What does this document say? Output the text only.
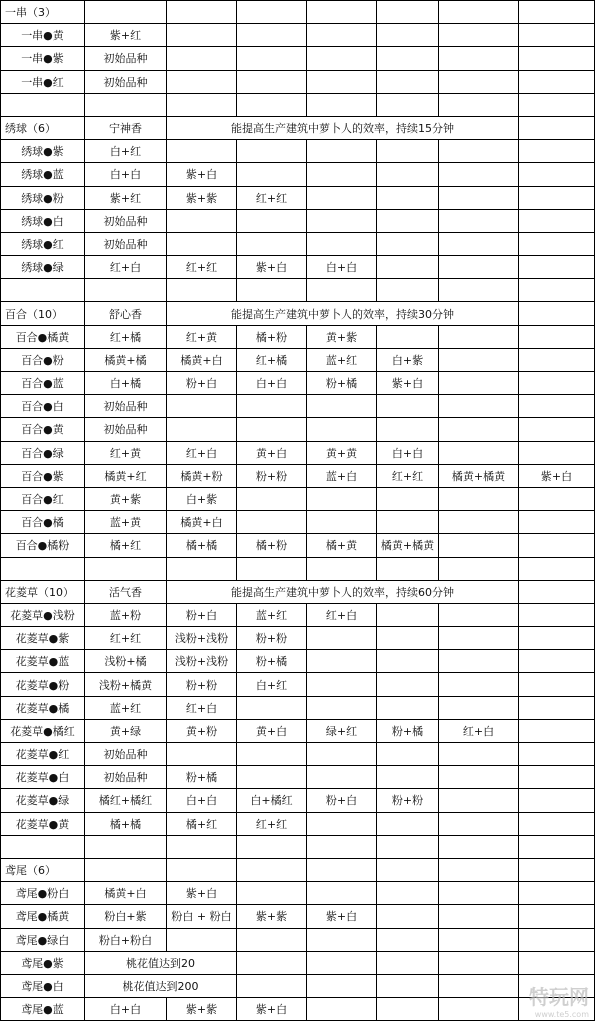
一串（3）							
一串●黄	紫+红						
一串●紫	初始品种						
一串●红	初始品种						

绣球（6）	宁神香	能提高生产建筑中萝卜人的效率，持续15分钟					
绣球●紫	白+红						
绣球●蓝	白+白	紫+白					
绣球●粉	紫+红	紫+紫	红+红				
绣球●白	初始品种						
绣球●红	初始品种						
绣球●绿	红+白	红+红	紫+白	白+白			

百合（10）	舒心香	能提高生产建筑中萝卜人的效率，持续30分钟					
百合●橘黄	红+橘	红+黄	橘+粉	黄+紫			
百合●粉	橘黄+橘	橘黄+白	红+橘	蓝+红	白+紫		
百合●蓝	白+橘	粉+白	白+白	粉+橘	紫+白		
百合●白	初始品种						
百合●黄	初始品种						
百合●绿	红+黄	红+白	黄+白	黄+黄	白+白		
百合●紫	橘黄+红	橘黄+粉	粉+粉	蓝+白	红+红	橘黄+橘黄	紫+白
百合●红	黄+紫	白+紫					
百合●橘	蓝+黄	橘黄+白					
百合●橘粉	橘+红	橘+橘	橘+粉	橘+黄	橘黄+橘黄		

花菱草（10）	活气香	能提高生产建筑中萝卜人的效率，持续60分钟					
花菱草●浅粉	蓝+粉	粉+白	蓝+红	红+白			
花菱草●紫	红+红	浅粉+浅粉	粉+粉				
花菱草●蓝	浅粉+橘	浅粉+浅粉	粉+橘				
花菱草●粉	浅粉+橘黄	粉+粉	白+红				
花菱草●橘	蓝+红	红+白					
花菱草●橘红	黄+绿	黄+粉	黄+白	绿+红	粉+橘	红+白	
花菱草●红	初始品种						
花菱草●白	初始品种	粉+橘					
花菱草●绿	橘红+橘红	白+白	白+橘红	粉+白	粉+粉		
花菱草●黄	橘+橘	橘+红	红+红				

鸢尾（6）							
鸢尾●粉白	橘黄+白	紫+白					
鸢尾●橘黄	粉白+紫	粉白 + 粉白	紫+紫	紫+白			
鸢尾●绿白	粉白+粉白						
鸢尾●紫	桃花值达到20						
鸢尾●白	桃花值达到200						
鸢尾●蓝	白+白	紫+紫	紫+白				
特玩网
www.te5.com
